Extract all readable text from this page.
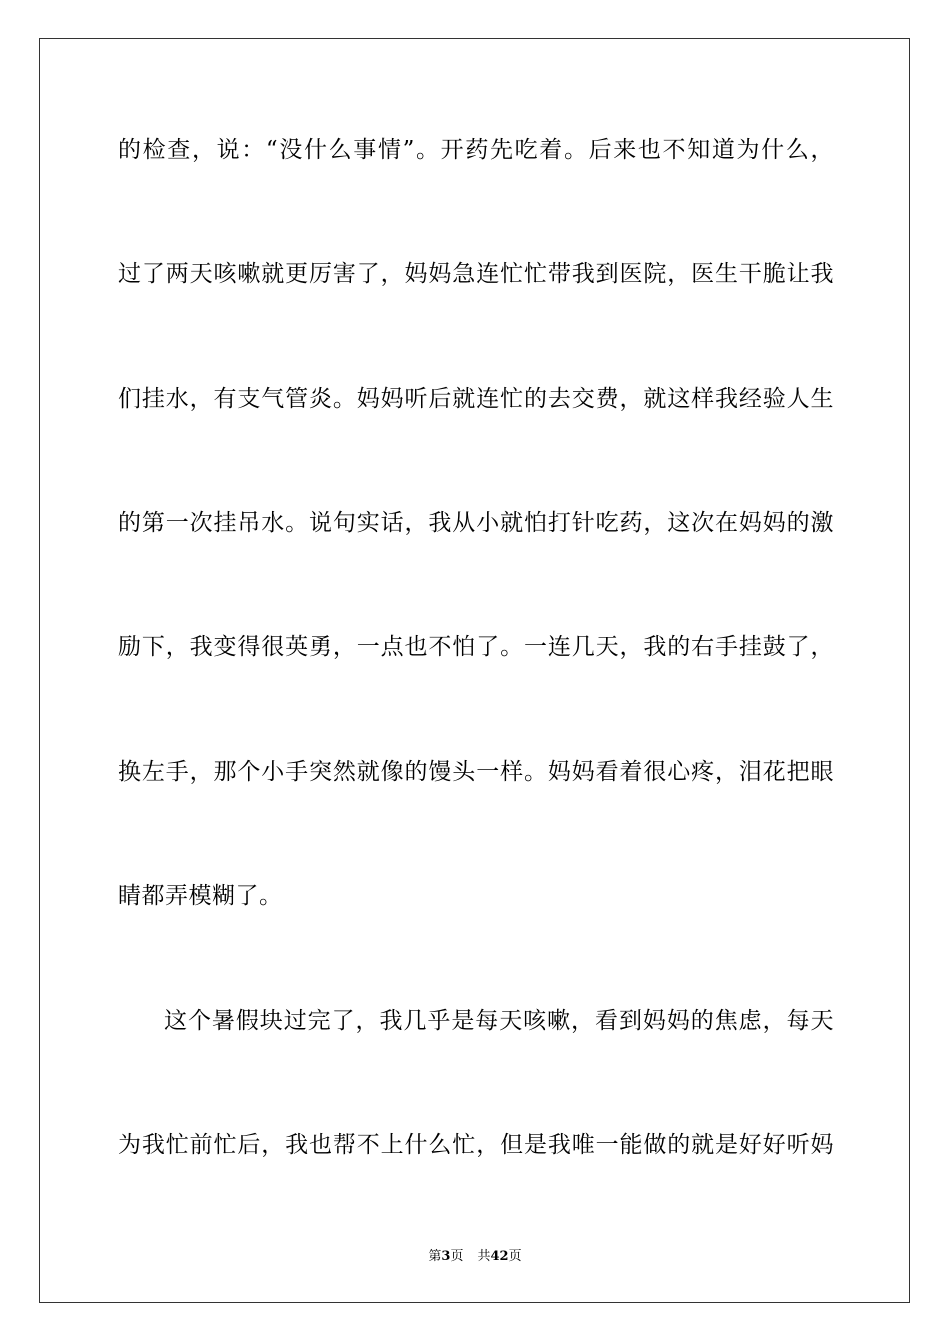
的检查，说：“没什么事情”。开药先吃着。后来也不知道为什么，
过了两天咳嗽就更厉害了，妈妈急连忙忙带我到医院，医生干脆让我
们挂水，有支气管炎。妈妈听后就连忙的去交费，就这样我经验人生
的第一次挂吊水。说句实话，我从小就怕打针吃药，这次在妈妈的激
励下，我变得很英勇，一点也不怕了。一连几天，我的右手挂鼓了，
换左手，那个小手突然就像的馒头一样。妈妈看着很心疼，泪花把眼
睛都弄模糊了。
这个暑假块过完了，我几乎是每天咳嗽，看到妈妈的焦虑，每天
为我忙前忙后，我也帮不上什么忙，但是我唯一能做的就是好好听妈
第3页 共42页
